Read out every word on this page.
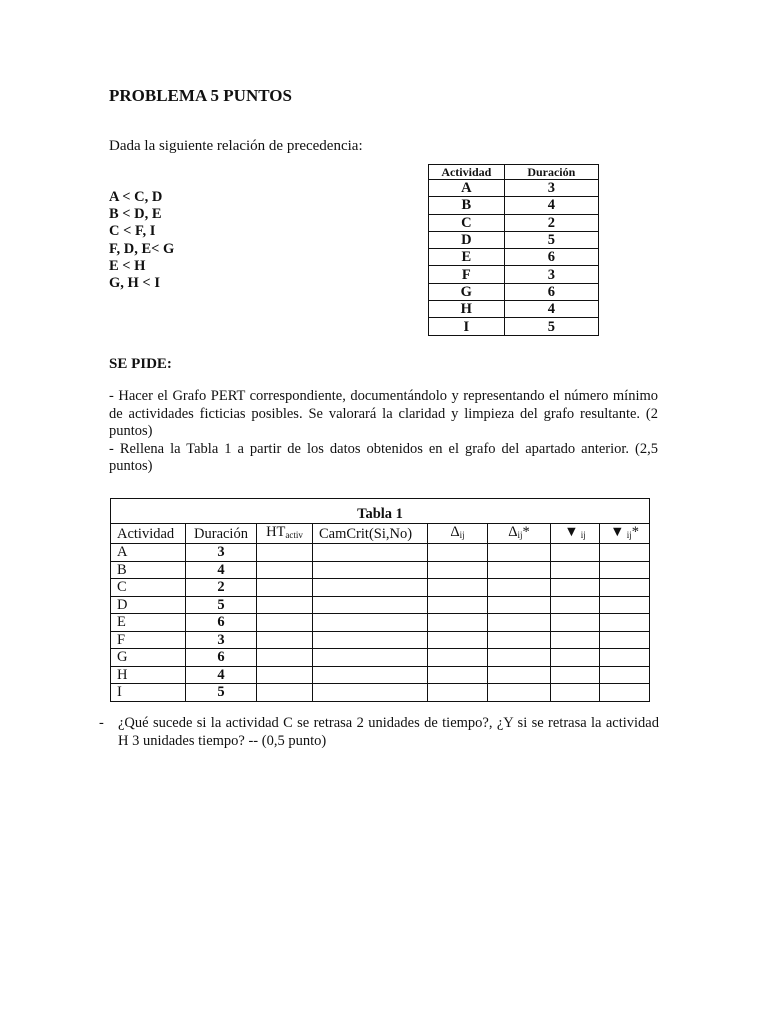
PROBLEMA 5 PUNTOS
Dada la siguiente relación de precedencia:
A < C, D
B < D, E
C < F, I
F, D, E< G
E < H
G, H < I
Actividad	Duración
A	3
B	4
C	2
D	5
E	6
F	3
G	6
H	4
I	5
SE PIDE:

- Hacer el Grafo PERT correspondiente, documentándolo y representando el número mínimo de actividades ficticias posibles. Se valorará la claridad y limpieza del grafo resultante. (2 puntos)

- Rellena la Tabla 1 a partir de los datos obtenidos en el grafo del apartado anterior. (2,5 puntos)

Tabla 1							
Actividad	Duración	$HT_{activ}$	CamCrit(Si,No)	$\Delta_{ij}$	$\Delta_{ij}*$	▼ $_{ij}$	▼ $_{ij}$*
A	3						
B	4						
C	2						
D	5						
E	6						
F	3						
G	6						
H	4						
I	5						
- ¿Qué sucede si la actividad C se retrasa 2 unidades de tiempo?, ¿Y si se retrasa la actividad H 3 unidades tiempo? -- (0,5 punto)
